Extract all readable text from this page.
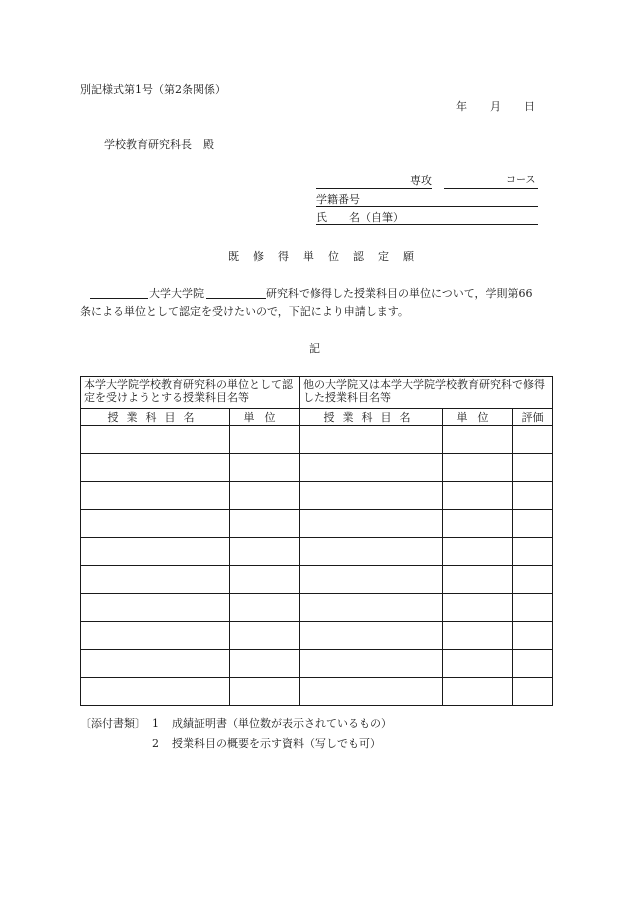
別記様式第1号（第2条関係）
年 月 日
学校教育研究科長　殿
専攻	コース
学籍番号
氏　　名（自筆）
既修得単位認定願
大学大学院	研究科で修得した授業科目の単位について，学則第66
条による単位として認定を受けたいので，下記により申請します。
記
本学大学院学校教育研究科の単位として認定を受けようとする授業科目名等		他の大学院又は本学大学院学校教育研究科で修得した授業科目名等		
授業科目名	単位	授業科目名	単位	評価

〔添付書類〕 1 成績証明書（単位数が表示されているもの）
2 授業科目の概要を示す資料（写しでも可）
